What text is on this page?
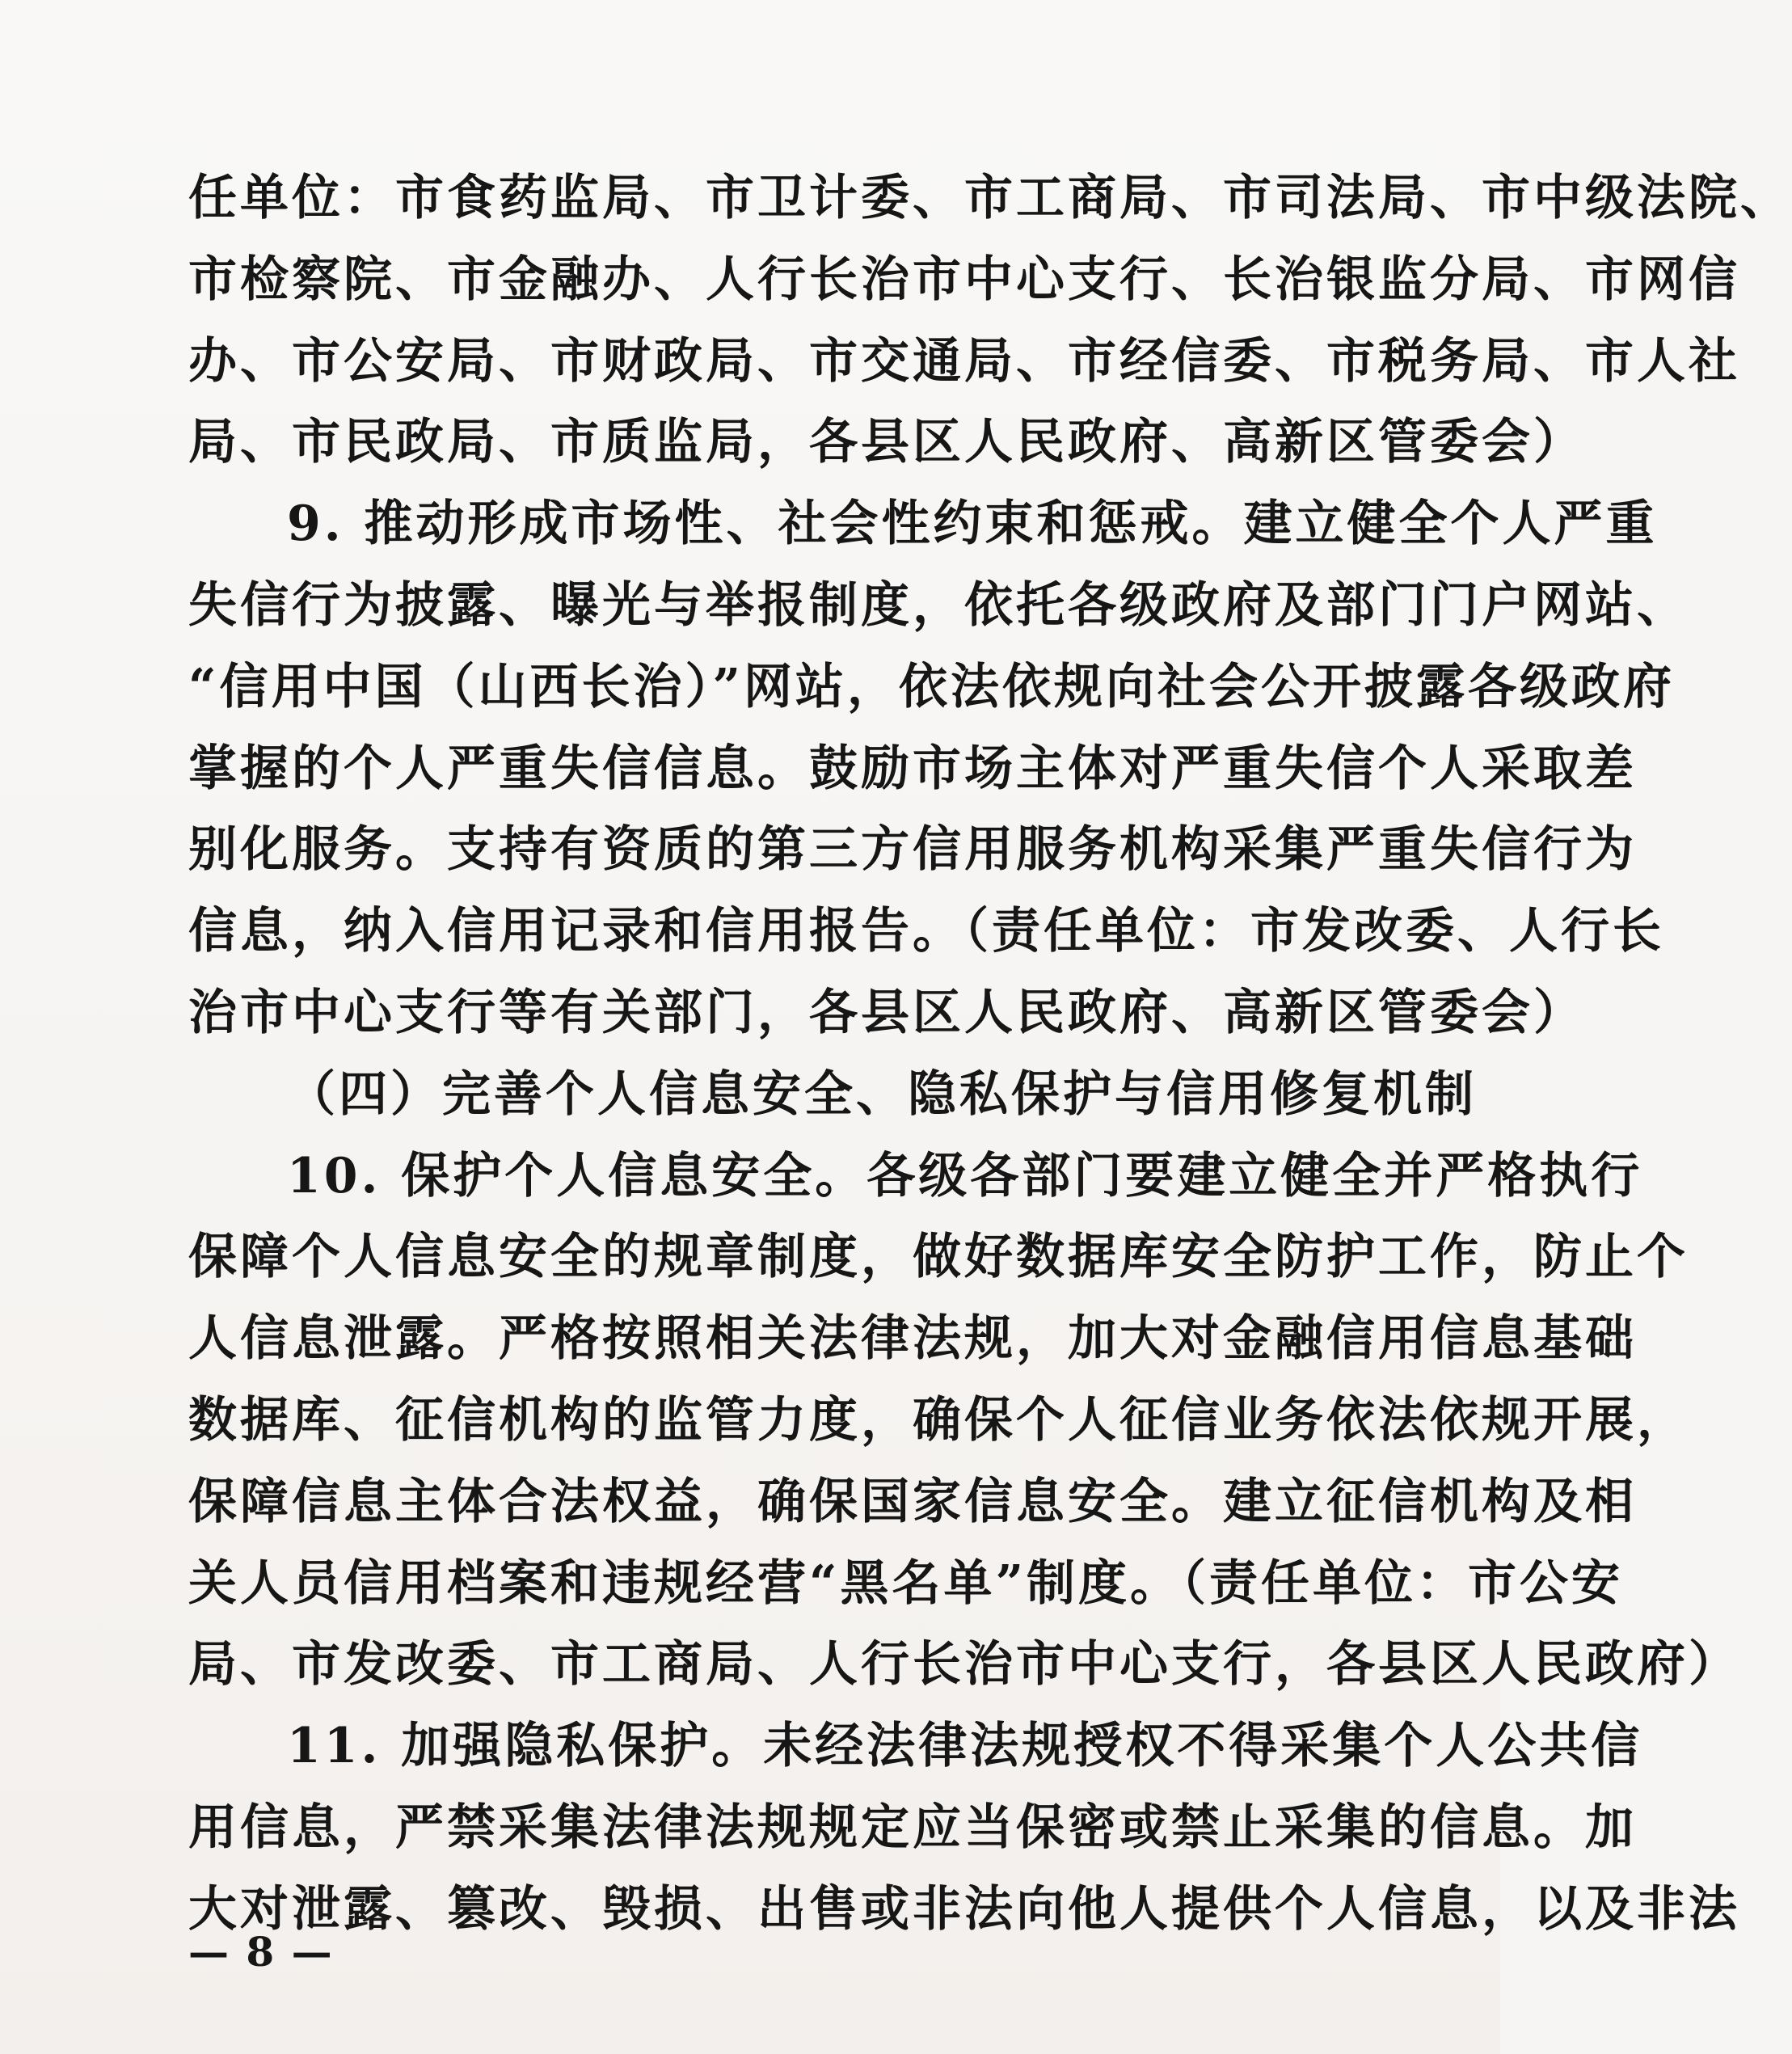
任单位：市食药监局、市卫计委、市工商局、市司法局、市中级法院、
市检察院、市金融办、人行长治市中心支行、长治银监分局、市网信
办、市公安局、市财政局、市交通局、市经信委、市税务局、市人社
局、市民政局、市质监局，各县区人民政府、高新区管委会）
9. 推动形成市场性、社会性约束和惩戒。建立健全个人严重
失信行为披露、曝光与举报制度，依托各级政府及部门门户网站、
“信用中国（山西长治）”网站，依法依规向社会公开披露各级政府
掌握的个人严重失信信息。鼓励市场主体对严重失信个人采取差
别化服务。支持有资质的第三方信用服务机构采集严重失信行为
信息，纳入信用记录和信用报告。（责任单位：市发改委、人行长
治市中心支行等有关部门，各县区人民政府、高新区管委会）
（四）完善个人信息安全、隐私保护与信用修复机制
10. 保护个人信息安全。各级各部门要建立健全并严格执行
保障个人信息安全的规章制度，做好数据库安全防护工作，防止个
人信息泄露。严格按照相关法律法规，加大对金融信用信息基础
数据库、征信机构的监管力度，确保个人征信业务依法依规开展，
保障信息主体合法权益，确保国家信息安全。建立征信机构及相
关人员信用档案和违规经营“黑名单”制度。（责任单位：市公安
局、市发改委、市工商局、人行长治市中心支行，各县区人民政府）
11. 加强隐私保护。未经法律法规授权不得采集个人公共信
用信息，严禁采集法律法规规定应当保密或禁止采集的信息。加
大对泄露、篡改、毁损、出售或非法向他人提供个人信息，以及非法
— 8 —
